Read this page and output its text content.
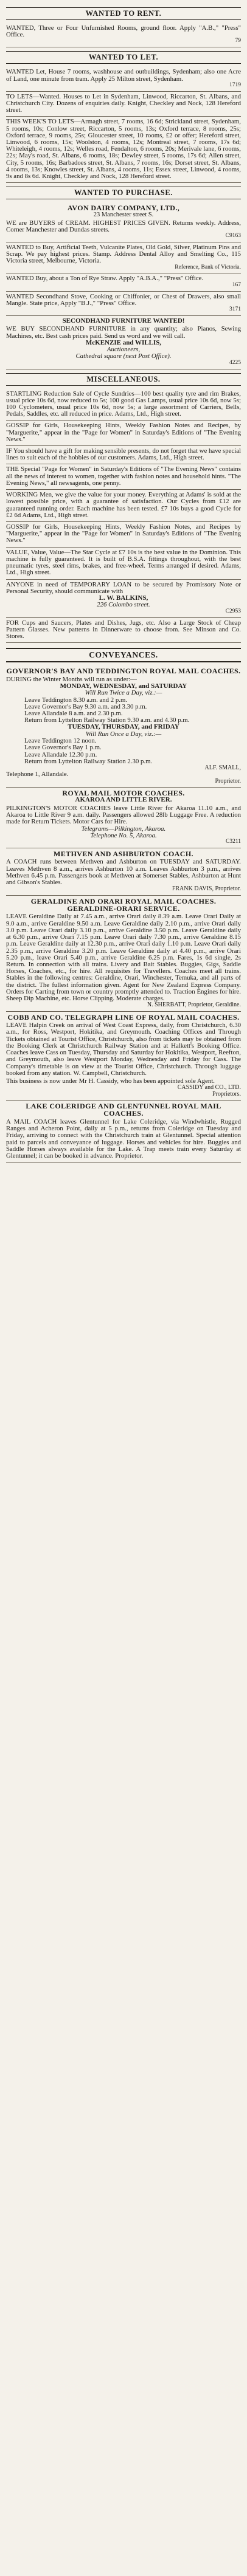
WANTED TO RENT.

WANTED, Three or Four Unfurnished Rooms, ground floor. Apply "A.B.," "Press" Office.

79
WANTED TO LET.

WANTED Let, House 7 rooms, washhouse and outbuildings, Sydenham; also one Acre of Land, one minute from tram. Apply 25 Milton street, Sydenham.

1719

TO LETS—Wanted. Houses to Let in Sydenham, Linwood, Riccarton, St. Albans, and Christchurch City. Dozens of enquiries daily. Knight, Checkley and Nock, 128 Hereford street.

THIS WEEK'S TO LETS—Armagh street, 7 rooms, 16 6d; Strickland street, Sydenham, 5 rooms, 10s; Conlow street, Riccarton, 5 rooms, 13s; Oxford terrace, 8 rooms, 25s; Oxford terrace, 9 rooms, 25s; Gloucester street, 10 rooms, £2 or offer; Hereford street, Linwood, 6 rooms, 15s; Woolston, 4 rooms, 12s; Montreal street, 7 rooms, 17s 6d; Whiteleigh, 4 rooms, 12s; Welles road, Fendalton, 6 rooms, 20s; Merivale lane, 6 rooms, 22s; May's road, St. Albans, 6 rooms, 18s; Dewley street, 5 rooms, 17s 6d; Allen street, City, 5 rooms, 16s; Barbadoes street, St. Albans, 7 rooms, 16s; Dorset street, St. Albans, 4 rooms, 13s; Knowles street, St. Albans, 4 rooms, 11s; Essex street, Linwood, 4 rooms, 9s and 8s 6d. Knight, Checkley and Nock, 128 Hereford street.

WANTED TO PURCHASE.
AVON DAIRY COMPANY, LTD.,
23 Manchester street S.

WE are BUYERS of CREAM. HIGHEST PRICES GIVEN. Returns weekly. Address, Corner Manchester and Dundas streets.

C9163

WANTED to Buy, Artificial Teeth, Vulcanite Plates, Old Gold, Silver, Platinum Pins and Scrap. We pay highest prices. Stamp. Address Dental Alloy and Smelting Co., 115 Victoria street, Melbourne, Victoria.

Reference, Bank of Victoria.

WANTED Buy, about a Ton of Rye Straw. Apply "A.B.A.," "Press" Office.

167

WANTED Secondhand Stove, Cooking or Chiffonier, or Chest of Drawers, also small Mangle. State price, Apply "B.J.," "Press" Office.

3171
SECONDHAND FURNITURE WANTED!

WE BUY SECONDHAND FURNITURE in any quantity; also Pianos, Sewing Machines, etc. Best cash prices paid. Send us word and we will call.

McKENZIE and WILLIS,
Auctioneers,
Cathedral square (next Post Office).
4225
MISCELLANEOUS.

STARTLING Reduction Sale of Cycle Sundries—100 best quality tyre and rim Brakes, usual price 10s 6d, now reduced to 5s; 100 good Gas Lamps, usual price 10s 6d, now 5s; 100 Cyclometers, usual price 10s 6d, now 5s; a large assortment of Carriers, Bells, Pedals, Saddles, etc. all reduced in price. Adams, Ltd., High street.

GOSSIP for Girls, Housekeeping Hints, Weekly Fashion Notes and Recipes, by "Marguerite," appear in the "Page for Women" in Saturday's Editions of "The Evening News."

IF You should have a gift for making sensible presents, do not forget that we have special lines to suit each of the hobbies of our customers. Adams, Ltd., High street.

THE Special "Page for Women" in Saturday's Editions of "The Evening News" contains all the news of interest to women, together with fashion notes and household hints. "The Evening News," all newsagents, one penny.

WORKING Men, we give the value for your money. Everything at Adams' is sold at the lowest possible price, with a guarantee of satisfaction. Our Cycles from £12 are guaranteed running order. Each machine has been tested. £7 10s buys a good Cycle for £2 6d Adams, Ltd., High street.

GOSSIP for Girls, Housekeeping Hints, Weekly Fashion Notes, and Recipes by "Marguerite," appear in the "Page for Women" in Saturday's Editions of "The Evening News."

VALUE, Value, Value—The Star Cycle at £7 10s is the best value in the Dominion. This machine is fully guaranteed. It is built of B.S.A. fittings throughout, with the best pneumatic tyres, steel rims, brakes, and free-wheel. Terms arranged if desired. Adams, Ltd., High street.

ANYONE in need of TEMPORARY LOAN to be secured by Promissory Note or Personal Security, should communicate with

L. W. BALKINS,
226 Colombo street.
C2953

FOR Cups and Saucers, Plates and Dishes, Jugs, etc. Also a Large Stock of Cheap Pattern Glasses. New patterns in Dinnerware to choose from. See Minson and Co. Stores.

CONVEYANCES.
GOVERNOR'S BAY AND TEDDINGTON ROYAL MAIL COACHES.

DURING the Winter Months will run as under:—

MONDAY, WEDNESDAY, and SATURDAY
Will Run Twice a Day, viz.:—
Leave Teddington 8.30 a.m. and 2 p.m.
Leave Governor's Bay 9.30 a.m. and 3.30 p.m.
Leave Allandale 8 a.m. and 2.30 p.m.
Return from Lyttelton Railway Station 9.30 a.m. and 4.30 p.m.
TUESDAY, THURSDAY, and FRIDAY
Will Run Once a Day, viz.:—
Leave Teddington 12 noon.
Leave Governor's Bay 1 p.m.
Leave Allandale 12.30 p.m.
Return from Lyttelton Railway Station 2.30 p.m.
ALF. SMALL,
Telephone 1, Allandale.
Proprietor.
ROYAL MAIL MOTOR COACHES.
AKAROA AND LITTLE RIVER.

PILKINGTON'S MOTOR COACHES leave Little River for Akaroa 11.10 a.m., and Akaroa to Little River 9 a.m. daily. Passengers allowed 28lb Luggage Free. A reduction made for Return Tickets. Motor Cars for Hire.

Telegrams—Pilkington, Akaroa.
Telephone No. 5, Akaroa.
C3211
METHVEN AND ASHBURTON COACH.

A COACH runs between Methven and Ashburton on TUESDAY and SATURDAY. Leaves Methven 8 a.m., arrives Ashburton 10 a.m. Leaves Ashburton 3 p.m., arrives Methven 6.45 p.m. Passengers book at Methven at Somerset Stables, Ashburton at Hunt and Gibson's Stables.

FRANK DAVIS, Proprietor.
GERALDINE AND ORARI ROYAL MAIL COACHES. GERALDINE-ORARI SERVICE.

LEAVE Geraldine Daily at 7.45 a.m., arrive Orari daily 8.39 a.m. Leave Orari Daily at 9.0 a.m., arrive Geraldine 9.50 a.m. Leave Geraldine daily 2.10 p.m., arrive Orari daily 3.0 p.m. Leave Orari daily 3.10 p.m., arrive Geraldine 3.50 p.m. Leave Geraldine daily at 6.30 p.m., arrive Orari 7.15 p.m. Leave Orari daily 7.30 p.m., arrive Geraldine 8.15 p.m. Leave Geraldine daily at 12.30 p.m., arrive Orari daily 1.10 p.m. Leave Orari daily 2.35 p.m., arrive Geraldine 3.20 p.m. Leave Geraldine daily at 4.40 p.m., arrive Orari 5.20 p.m., leave Orari 5.40 p.m., arrive Geraldine 6.25 p.m. Fares, 1s 6d single, 2s Return. In connection with all trains. Livery and Bait Stables. Buggies, Gigs, Saddle Horses, Coaches, etc., for hire. All requisites for Travellers. Coaches meet all trains. Stables in the following centres: Geraldine, Orari, Winchester, Temuka, and all parts of the district. The fullest information given. Agent for New Zealand Express Company. Orders for Carting from town or country promptly attended to. Traction Engines for hire. Sheep Dip Machine, etc. Horse Clipping. Moderate charges.

N. SHERBATT, Proprietor, Geraldine.
COBB AND CO. TELEGRAPH LINE OF ROYAL MAIL COACHES.

LEAVE Halpin Creek on arrival of West Coast Express, daily, from Christchurch, 6.30 a.m., for Ross, Westport, Hokitika, and Greymouth. Coaching Offices and Through Tickets obtained at Tourist Office, Christchurch, also from tickets may be obtained from the Booking Clerk at Christchurch Railway Station and at Halkett's Booking Office. Coaches leave Cass on Tuesday, Thursday and Saturday for Hokitika, Westport, Reefton, and Greymouth, also leave Westport Monday, Wednesday and Friday for Cass. The Company's timetable is on view at the Tourist Office, Christchurch. Through luggage booked from any station. W. Campbell, Christchurch.

This business is now under Mr H. Cassidy, who has been appointed sole Agent.

CASSIDY and CO., LTD.
Proprietors.
LAKE COLERIDGE AND GLENTUNNEL ROYAL MAIL COACHES.

A MAIL COACH leaves Glentunnel for Lake Coleridge, via Windwhistle, Rugged Ranges and Acheron Point, daily at 5 p.m., returns from Coleridge on Tuesday and Friday, arriving to connect with the Christchurch train at Glentunnel. Special attention paid to parcels and conveyance of luggage. Horses and vehicles for hire. Buggies and Saddle Horses always available for the Lake. A Trap meets train every Saturday at Glentunnel; it can be booked in advance. Proprietor.
